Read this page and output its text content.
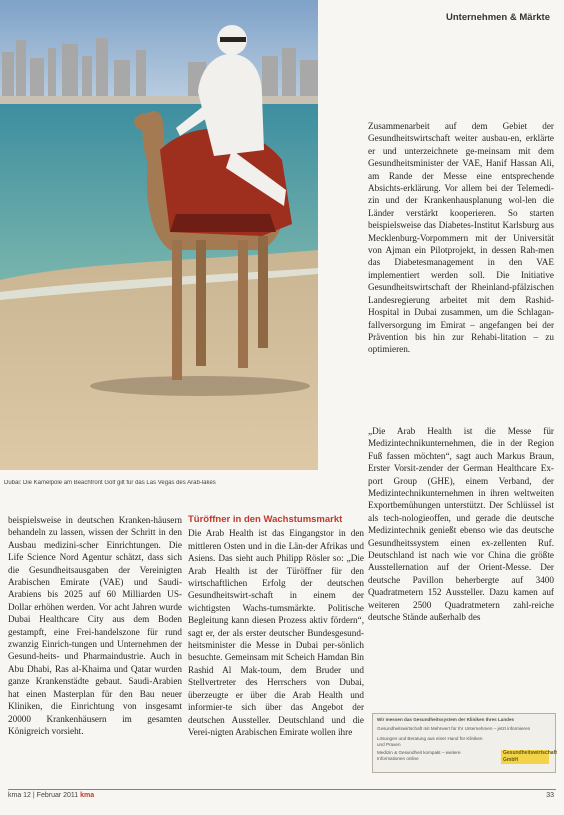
Unternehmen & Märkte
Dubai: Die Kamelpole am Beachfront Golf gilt für das Las Vegas des Arab-lakes

beispielsweise in deutschen Kranken-häusern behandeln zu lassen, wissen der Schritt in den Ausbau medizini-scher Einrichtungen. Die Life Science Nord Agentur schätzt, dass sich die Gesundheitsausgaben der Vereinigten Arabischen Emirate (VAE) und Saudi-Arabiens bis 2025 auf 60 Milliarden US-Dollar erhöhen werden. Vor acht Jahren wurde Dubai Healthcare City aus dem Boden gestampft, eine Frei-handelszone für rund zwanzig Einrich-tungen und Unternehmen der Gesund-heits- und Pharmaindustrie. Auch in Abu Dhabi, Ras al-Khaima und Qatar wurden ganze Krankenstädte gebaut. Saudi-Arabien hat einen Masterplan für den Bau neuer Kliniken, die Einrichtung von insgesamt 20000 Krankenhäusern im gesamten Königreich vorsieht.

Türöffner in den Wachstumsmarkt

Die Arab Health ist das Eingangstor in den mittleren Osten und in die Län-der Afrikas und Asiens. Das sieht auch Philipp Rösler so: „Die Arab Health ist der Türöffner für den wirtschaftlichen Erfolg der deutschen Gesundheitswirt-schaft in einem der wichtigsten Wachs-tumsmärkte. Politische Begleitung kann diesen Prozess aktiv fördern“, sagt er, der als erster deutscher Bundesgesund-heitsminister die Messe in Dubai per-sönlich besuchte. Gemeinsam mit Scheich Hamdan Bin Rashid Al Mak-toum, dem Bruder und Stellvertreter des Herrschers von Dubai, überzeugte er über die Arab Health und informier-te sich über das Angebot der deutschen Aussteller. Deutschland und die Verei-nigten Arabischen Emirate wollen ihre

Zusammenarbeit auf dem Gebiet der Gesundheitswirtschaft weiter ausbau-en, erklärte er und unterzeichnete ge-meinsam mit dem Gesundheitsminister der VAE, Hanif Hassan Ali, am Rande der Messe eine entsprechende Absichts-erklärung. Vor allem bei der Telemedi-zin und der Krankenhausplanung wol-len die Länder verstärkt kooperieren. So starten beispielsweise das Diabetes-Institut Karlsburg aus Mecklenburg-Vorpommern mit der Universität von Ajman ein Pilotprojekt, in dessen Rah-men das Diabetesmanagement in den VAE implementiert werden soll. Die Initiative Gesundheitswirtschaft der Rheinland-pfälzischen Landesregierung arbeitet mit dem Rashid-Hospital in Dubai zusammen, um die Schlagan-fallversorgung im Emirat – angefangen bei der Prävention bis hin zur Rehabi-litation – zu optimieren.

„Die Arab Health ist die Messe für Medizintechnikunternehmen, die in der Region Fuß fassen möchten“, sagt auch Markus Braun, Erster Vorsit-zender der German Healthcare Ex-port Group (GHE), einem Verband, der Medizintechnikunternehmen in ihren weltweiten Exportbemühungen unterstützt. Der Schlüssel ist als tech-nologieoffen, und gerade die deutsche Medizintechnik genießt ebenso wie das deutsche Gesundheitssystem einen ex-zellenten Ruf. Deutschland ist nach wie vor China die größte Ausstellernation auf der Orient-Messe. Der deutsche Pavillon beherbergte auf 3400 Quadratmetern 152 Aussteller. Dazu kamen auf weiteren 2500 Quadratmetern zahl-reiche deutsche Stände außerhalb des

Wir messen das Gesundheitssystem der Kliniken Ihres Landes
Gesundheitswirtschaft mit Mehrwert für Ihr Unternehmen – jetzt informieren
Lösungen und Beratung aus einer Hand für Kliniken und Praxen
Medizin & Gesundheit kompakt – weitere Informationen online
Gesundheitswirtschaft GmbH
kma 12 | Februar 2011 kma	33
